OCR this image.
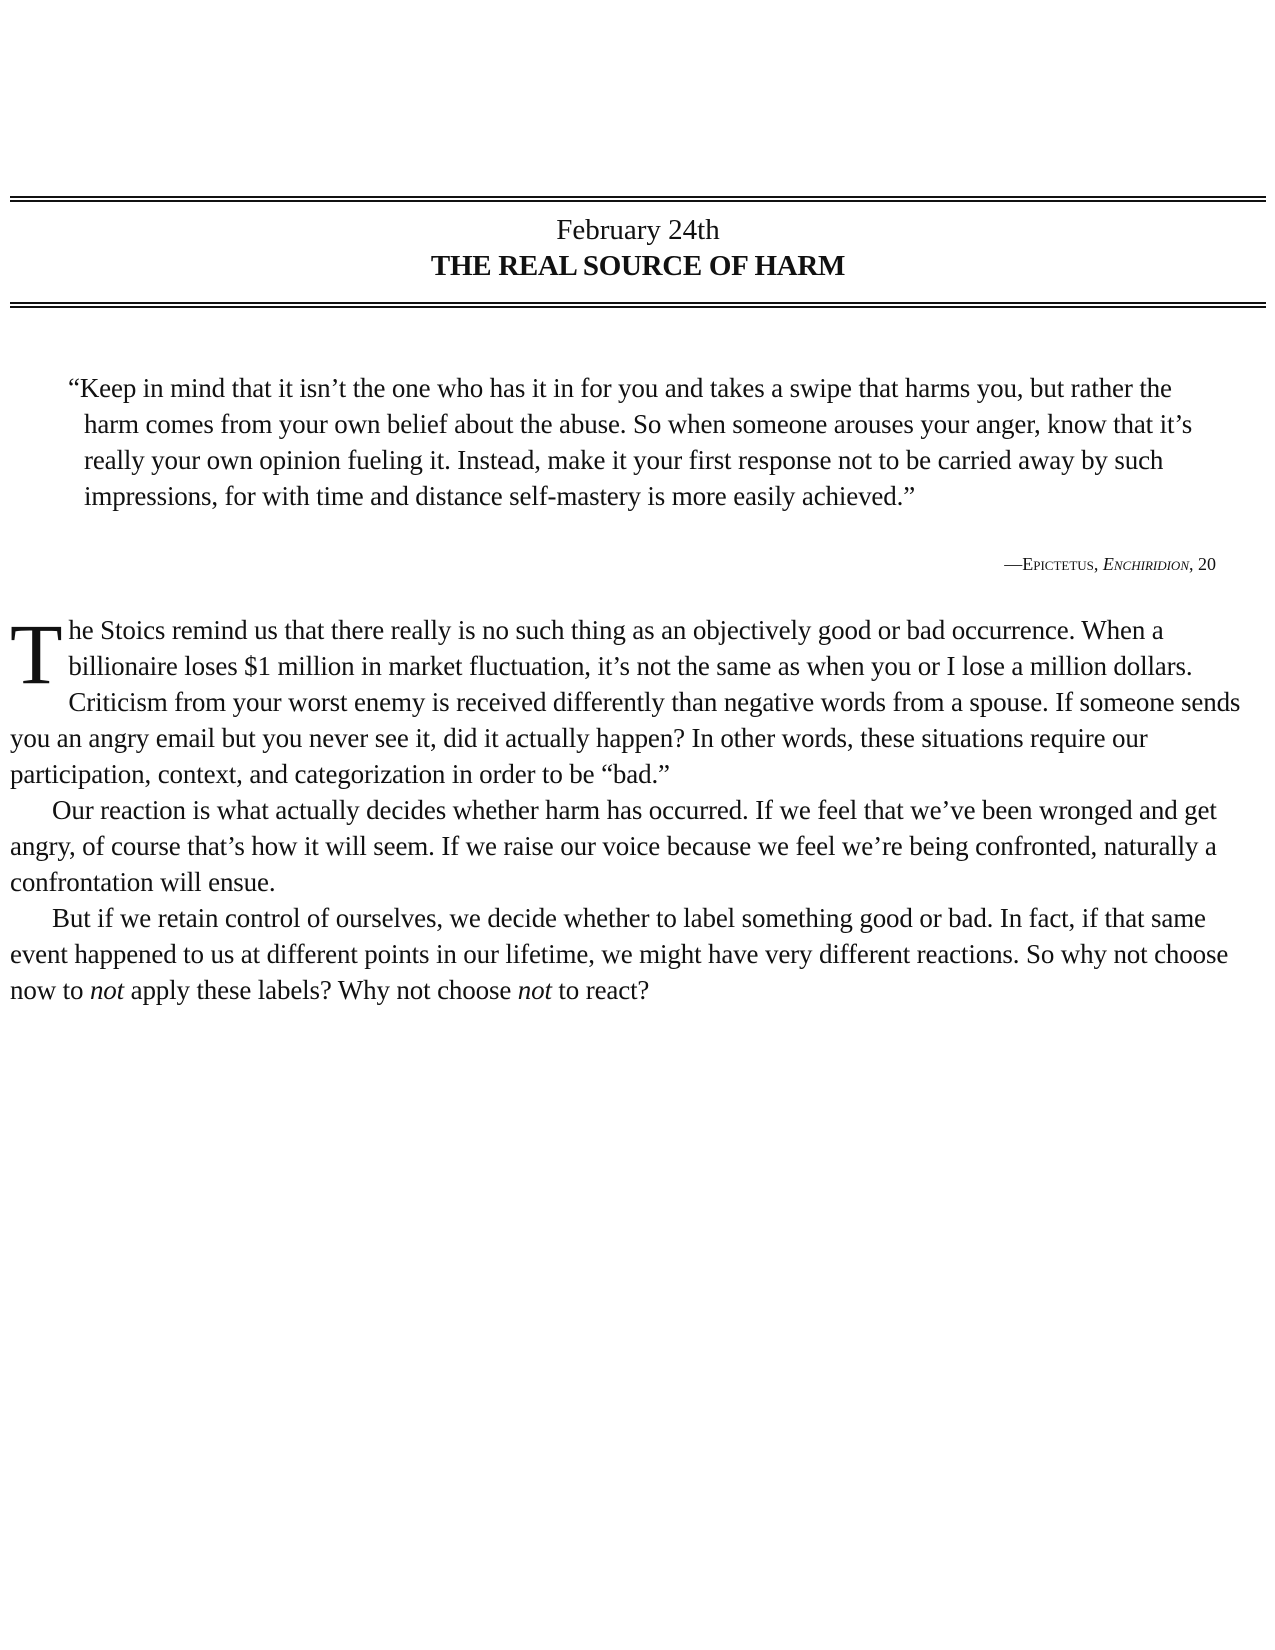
February 24th
THE REAL SOURCE OF HARM
“Keep in mind that it isn’t the one who has it in for you and takes a swipe that harms you, but rather the harm comes from your own belief about the abuse. So when someone arouses your anger, know that it’s really your own opinion fueling it. Instead, make it your first response not to be carried away by such impressions, for with time and distance self-mastery is more easily achieved.”
—Epictetus, Enchiridion, 20

The Stoics remind us that there really is no such thing as an objectively good or bad occurrence. When a billionaire loses $1 million in market fluctuation, it’s not the same as when you or I lose a million dollars. Criticism from your worst enemy is received differently than negative words from a spouse. If someone sends you an angry email but you never see it, did it actually happen? In other words, these situations require our participation, context, and categorization in order to be “bad.”

Our reaction is what actually decides whether harm has occurred. If we feel that we’ve been wronged and get angry, of course that’s how it will seem. If we raise our voice because we feel we’re being confronted, naturally a confrontation will ensue.

But if we retain control of ourselves, we decide whether to label something good or bad. In fact, if that same event happened to us at different points in our lifetime, we might have very different reactions. So why not choose now to not apply these labels? Why not choose not to react?
